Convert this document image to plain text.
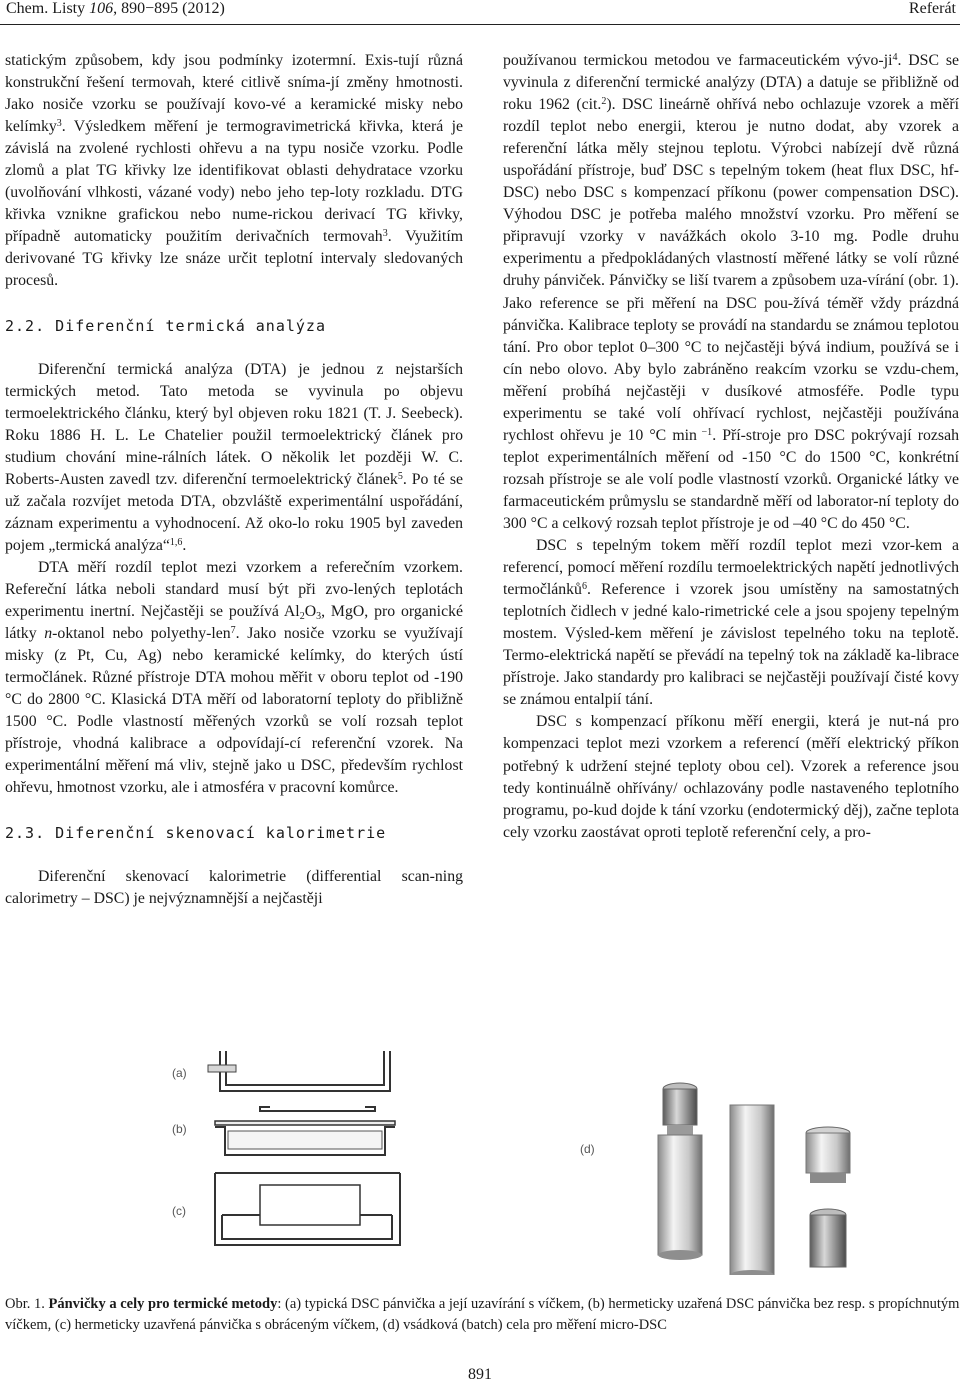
Chem. Listy 106, 890−895 (2012)	Referát

statickým způsobem, kdy jsou podmínky izotermní. Exis-tují různá konstrukční řešení termovah, které citlivě sníma-jí změny hmotnosti. Jako nosiče vzorku se používají kovo-vé a keramické misky nebo kelímky$^3$. Výsledkem měření je termogravimetrická křivka, která je závislá na zvolené rychlosti ohřevu a na typu nosiče vzorku. Podle zlomů a plat TG křivky lze identifikovat oblasti dehydratace vzorku (uvolňování vlhkosti, vázané vody) nebo jeho tep-loty rozkladu. DTG křivka vznikne grafickou nebo nume-rickou derivací TG křivky, případně automaticky použitím derivačních termovah$^3$. Využitím derivované TG křivky lze snáze určit teplotní intervaly sledovaných procesů.

2.2. Diferenční termická analýza

Diferenční termická analýza (DTA) je jednou z nejstarších termických metod. Tato metoda se vyvinula po objevu termoelektrického článku, který byl objeven roku 1821 (T. J. Seebeck). Roku 1886 H. L. Le Chatelier použil termoelektrický článek pro studium chování mine-rálních látek. O několik let později W. C. Roberts-Austen zavedl tzv. diferenční termoelektrický článek$^5$. Po té se už začala rozvíjet metoda DTA, obzvláště experimentální uspořádání, záznam experimentu a vyhodnocení. Až oko-lo roku 1905 byl zaveden pojem „termická analýza“$^{1,6}$.

DTA měří rozdíl teplot mezi vzorkem a referečním vzorkem. Refereční látka neboli standard musí být při zvo-lených teplotách experimentu inertní. Nejčastěji se používá $Al_2O_3$, MgO, pro organické látky n-oktanol nebo polyethy-len$^7$. Jako nosiče vzorku se využívají misky (z Pt, Cu, Ag) nebo keramické kelímky, do kterých ústí termočlánek. Různé přístroje DTA mohou měřit v oboru teplot od -190 °C do 2800 °C. Klasická DTA měří od laboratorní teploty do přibližně 1500 °C. Podle vlastností měřených vzorků se volí rozsah teplot přístroje, vhodná kalibrace a odpovídají-cí referenční vzorek. Na experimentální měření má vliv, stejně jako u DSC, především rychlost ohřevu, hmotnost vzorku, ale i atmosféra v pracovní komůrce.

2.3. Diferenční skenovací kalorimetrie

Diferenční skenovací kalorimetrie (differential scan-ning calorimetry – DSC) je nejvýznamnější a nejčastěji

používanou termickou metodou ve farmaceutickém vývo-$ji^4$. DSC se vyvinula z diferenční termické analýzy (DTA) a datuje se přibližně od roku 1962 (cit.$^2$). DSC lineárně ohřívá nebo ochlazuje vzorek a měří rozdíl teplot nebo energii, kterou je nutno dodat, aby vzorek a referenční látka měly stejnou teplotu. Výrobci nabízejí dvě různá uspořádání přístroje, buď DSC s tepelným tokem (heat flux DSC, hf-DSC) nebo DSC s kompenzací příkonu (power compensation DSC). Výhodou DSC je potřeba malého množství vzorku. Pro měření se připravují vzorky v navážkách okolo 3-10 mg. Podle druhu experimentu a předpokládaných vlastností měřené látky se volí různé druhy pánviček. Pánvičky se liší tvarem a způsobem uza-vírání (obr. 1). Jako reference se při měření na DSC pou-žívá téměř vždy prázdná pánvička. Kalibrace teploty se provádí na standardu se známou teplotou tání. Pro obor teplot 0–300 °C to nejčastěji bývá indium, používá se i cín nebo olovo. Aby bylo zabráněno reakcím vzorku se vzdu-chem, měření probíhá nejčastěji v dusíkové atmosféře. Podle typu experimentu se také volí ohřívací rychlost, nejčastěji používána rychlost ohřevu je 10 °C min $^{-1}$. Pří-stroje pro DSC pokrývají rozsah teplot experimentálních měření od -150 °C do 1500 °C, konkrétní rozsah přístroje se ale volí podle vlastností vzorků. Organické látky ve farmaceutickém průmyslu se standardně měří od laborator-ní teploty do 300 °C a celkový rozsah teplot přístroje je od –40 °C do 450 °C.

DSC s tepelným tokem měří rozdíl teplot mezi vzor-kem a referencí, pomocí měření rozdílu termoelektrických napětí jednotlivých termočlánků$^6$. Reference i vzorek jsou umístěny na samostatných teplotních čidlech v jedné kalo-rimetrické cele a jsou spojeny tepelným mostem. Výsled-kem měření je závislost tepelného toku na teplotě. Termo-elektrická napětí se převádí na tepelný tok na základě ka-librace přístroje. Jako standardy pro kalibraci se nejčastěji používají čisté kovy se známou entalpií tání.

DSC s kompenzací příkonu měří energii, která je nut-ná pro kompenzaci teplot mezi vzorkem a referencí (měří elektrický příkon potřebný k udržení stejné teploty obou cel). Vzorek a reference jsou tedy kontinuálně ohřívány/ ochlazovány podle nastaveného teplotního programu, po-kud dojde k tání vzorku (endotermický děj), začne teplota cely vzorku zaostávat oproti teplotě referenční cely, a pro-

(a)
(b)
(c)
(d)
Obr. 1. Pánvičky a cely pro termické metody: (a) typická DSC pánvička a její uzavírání s víčkem, (b) hermeticky uzařená DSC pánvička bez resp. s propíchnutým víčkem, (c) hermeticky uzavřená pánvička s obráceným víčkem, (d) vsádková (batch) cela pro měření micro-DSC
891
